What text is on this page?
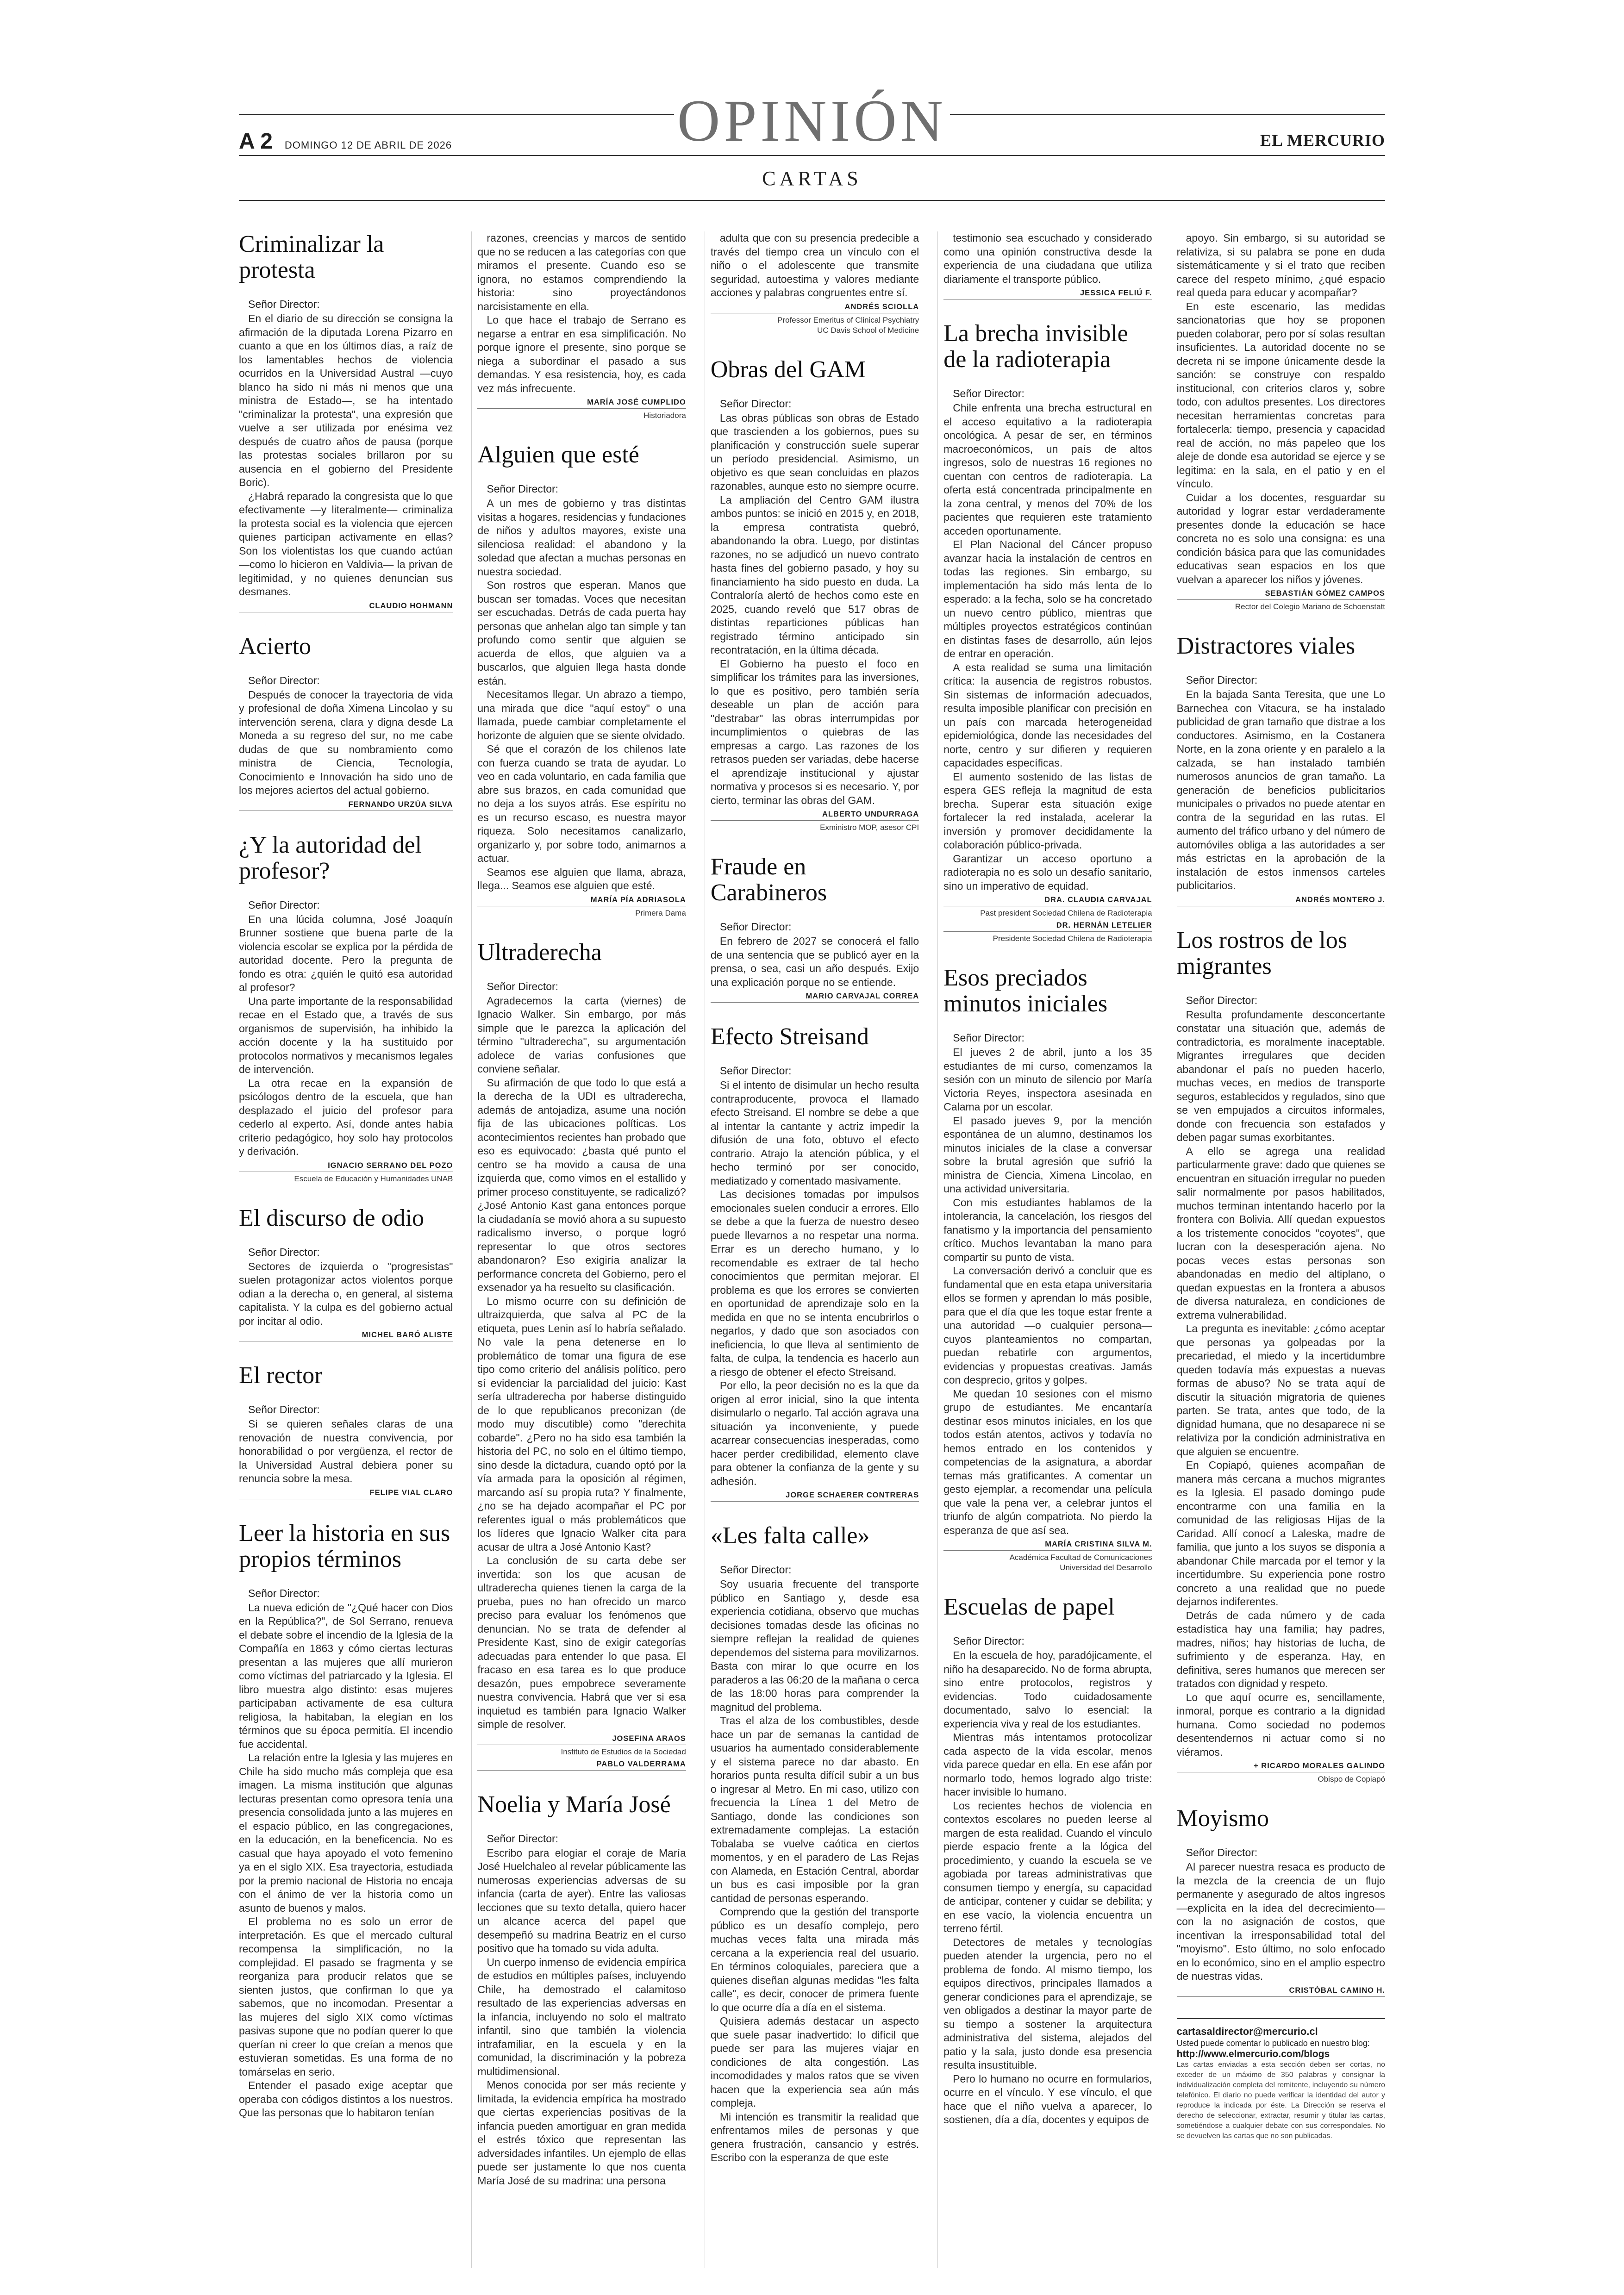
A 2 DOMINGO 12 DE ABRIL DE 2026	OPINIÓN	EL MERCURIO
CARTAS
Criminalizar la protesta
Señor Director:

En el diario de su dirección se consigna la afirmación de la diputada Lorena Pizarro en cuanto a que en los últimos días, a raíz de los lamentables hechos de violencia ocurridos en la Universidad Austral —cuyo blanco ha sido ni más ni menos que una ministra de Estado—, se ha intentado "criminalizar la protesta", una expresión que vuelve a ser utilizada por enésima vez después de cuatro años de pausa (porque las protestas sociales brillaron por su ausencia en el gobierno del Presidente Boric).

¿Habrá reparado la congresista que lo que efectivamente —y literalmente— criminaliza la protesta social es la violencia que ejercen quienes participan activamente en ellas? Son los violentistas los que cuando actúan —como lo hicieron en Valdivia— la privan de legitimidad, y no quienes denuncian sus desmanes.

CLAUDIO HOHMANN
Acierto
Señor Director:

Después de conocer la trayectoria de vida y profesional de doña Ximena Lincolao y su intervención serena, clara y digna desde La Moneda a su regreso del sur, no me cabe dudas de que su nombramiento como ministra de Ciencia, Tecnología, Conocimiento e Innovación ha sido uno de los mejores aciertos del actual gobierno.

FERNANDO URZÚA SILVA
¿Y la autoridad del profesor?
Señor Director:

En una lúcida columna, José Joaquín Brunner sostiene que buena parte de la violencia escolar se explica por la pérdida de autoridad docente. Pero la pregunta de fondo es otra: ¿quién le quitó esa autoridad al profesor?

Una parte importante de la responsabilidad recae en el Estado que, a través de sus organismos de supervisión, ha inhibido la acción docente y la ha sustituido por protocolos normativos y mecanismos legales de intervención.

La otra recae en la expansión de psicólogos dentro de la escuela, que han desplazado el juicio del profesor para cederlo al experto. Así, donde antes había criterio pedagógico, hoy solo hay protocolos y derivación.

IGNACIO SERRANO DEL POZO
Escuela de Educación y Humanidades UNAB
El discurso de odio
Señor Director:

Sectores de izquierda o "progresistas" suelen protagonizar actos violentos porque odian a la derecha o, en general, al sistema capitalista. Y la culpa es del gobierno actual por incitar al odio.

MICHEL BARÓ ALISTE
El rector
Señor Director:

Si se quieren señales claras de una renovación de nuestra convivencia, por honorabilidad o por vergüenza, el rector de la Universidad Austral debiera poner su renuncia sobre la mesa.

FELIPE VIAL CLARO
Leer la historia en sus propios términos
Señor Director:

La nueva edición de "¿Qué hacer con Dios en la República?", de Sol Serrano, renueva el debate sobre el incendio de la Iglesia de la Compañía en 1863 y cómo ciertas lecturas presentan a las mujeres que allí murieron como víctimas del patriarcado y la Iglesia. El libro muestra algo distinto: esas mujeres participaban activamente de esa cultura religiosa, la habitaban, la elegían en los términos que su época permitía. El incendio fue accidental.

La relación entre la Iglesia y las mujeres en Chile ha sido mucho más compleja que esa imagen. La misma institución que algunas lecturas presentan como opresora tenía una presencia consolidada junto a las mujeres en el espacio público, en las congregaciones, en la educación, en la beneficencia. No es casual que haya apoyado el voto femenino ya en el siglo XIX. Esa trayectoria, estudiada por la premio nacional de Historia no encaja con el ánimo de ver la historia como un asunto de buenos y malos.

El problema no es solo un error de interpretación. Es que el mercado cultural recompensa la simplificación, no la complejidad. El pasado se fragmenta y se reorganiza para producir relatos que se sienten justos, que confirman lo que ya sabemos, que no incomodan. Presentar a las mujeres del siglo XIX como víctimas pasivas supone que no podían querer lo que querían ni creer lo que creían a menos que estuvieran sometidas. Es una forma de no tomárselas en serio.

Entender el pasado exige aceptar que operaba con códigos distintos a los nuestros. Que las personas que lo habitaron tenían

razones, creencias y marcos de sentido que no se reducen a las categorías con que miramos el presente. Cuando eso se ignora, no estamos comprendiendo la historia: sino proyectándonos narcisistamente en ella.

Lo que hace el trabajo de Serrano es negarse a entrar en esa simplificación. No porque ignore el presente, sino porque se niega a subordinar el pasado a sus demandas. Y esa resistencia, hoy, es cada vez más infrecuente.

MARÍA JOSÉ CUMPLIDO
Historiadora
Alguien que esté
Señor Director:

A un mes de gobierno y tras distintas visitas a hogares, residencias y fundaciones de niños y adultos mayores, existe una silenciosa realidad: el abandono y la soledad que afectan a muchas personas en nuestra sociedad.

Son rostros que esperan. Manos que buscan ser tomadas. Voces que necesitan ser escuchadas. Detrás de cada puerta hay personas que anhelan algo tan simple y tan profundo como sentir que alguien se acuerda de ellos, que alguien va a buscarlos, que alguien llega hasta donde están.

Necesitamos llegar. Un abrazo a tiempo, una mirada que dice "aquí estoy" o una llamada, puede cambiar completamente el horizonte de alguien que se siente olvidado.

Sé que el corazón de los chilenos late con fuerza cuando se trata de ayudar. Lo veo en cada voluntario, en cada familia que abre sus brazos, en cada comunidad que no deja a los suyos atrás. Ese espíritu no es un recurso escaso, es nuestra mayor riqueza. Solo necesitamos canalizarlo, organizarlo y, por sobre todo, animarnos a actuar.

Seamos ese alguien que llama, abraza, llega... Seamos ese alguien que esté.

MARÍA PÍA ADRIASOLA
Primera Dama
Ultraderecha
Señor Director:

Agradecemos la carta (viernes) de Ignacio Walker. Sin embargo, por más simple que le parezca la aplicación del término "ultraderecha", su argumentación adolece de varias confusiones que conviene señalar.

Su afirmación de que todo lo que está a la derecha de la UDI es ultraderecha, además de antojadiza, asume una noción fija de las ubicaciones políticas. Los acontecimientos recientes han probado que eso es equivocado: ¿basta qué punto el centro se ha movido a causa de una izquierda que, como vimos en el estallido y primer proceso constituyente, se radicalizó? ¿José Antonio Kast gana entonces porque la ciudadanía se movió ahora a su supuesto radicalismo inverso, o porque logró representar lo que otros sectores abandonaron? Eso exigiría analizar la performance concreta del Gobierno, pero el exsenador ya ha resuelto su clasificación.

Lo mismo ocurre con su definición de ultraizquierda, que salva al PC de la etiqueta, pues Lenin así lo habría señalado. No vale la pena detenerse en lo problemático de tomar una figura de ese tipo como criterio del análisis político, pero sí evidenciar la parcialidad del juicio: Kast sería ultraderecha por haberse distinguido de lo que republicanos preconizan (de modo muy discutible) como "derechita cobarde". ¿Pero no ha sido esa también la historia del PC, no solo en el último tiempo, sino desde la dictadura, cuando optó por la vía armada para la oposición al régimen, marcando así su propia ruta? Y finalmente, ¿no se ha dejado acompañar el PC por referentes igual o más problemáticos que los líderes que Ignacio Walker cita para acusar de ultra a José Antonio Kast?

La conclusión de su carta debe ser invertida: son los que acusan de ultraderecha quienes tienen la carga de la prueba, pues no han ofrecido un marco preciso para evaluar los fenómenos que denuncian. No se trata de defender al Presidente Kast, sino de exigir categorías adecuadas para entender lo que pasa. El fracaso en esa tarea es lo que produce desazón, pues empobrece severamente nuestra convivencia. Habrá que ver si esa inquietud es también para Ignacio Walker simple de resolver.

JOSEFINA ARAOS
Instituto de Estudios de la Sociedad
PABLO VALDERRAMA
Noelia y María José
Señor Director:

Escribo para elogiar el coraje de María José Huelchaleo al revelar públicamente las numerosas experiencias adversas de su infancia (carta de ayer). Entre las valiosas lecciones que su texto detalla, quiero hacer un alcance acerca del papel que desempeñó su madrina Beatriz en el curso positivo que ha tomado su vida adulta.

Un cuerpo inmenso de evidencia empírica de estudios en múltiples países, incluyendo Chile, ha demostrado el calamitoso resultado de las experiencias adversas en la infancia, incluyendo no solo el maltrato infantil, sino que también la violencia intrafamiliar, en la escuela y en la comunidad, la discriminación y la pobreza multidimensional.

Menos conocida por ser más reciente y limitada, la evidencia empírica ha mostrado que ciertas experiencias positivas de la infancia pueden amortiguar en gran medida el estrés tóxico que representan las adversidades infantiles. Un ejemplo de ellas puede ser justamente lo que nos cuenta María José de su madrina: una persona

adulta que con su presencia predecible a través del tiempo crea un vínculo con el niño o el adolescente que transmite seguridad, autoestima y valores mediante acciones y palabras congruentes entre sí.

ANDRÉS SCIOLLA
Professor Emeritus of Clinical Psychiatry
UC Davis School of Medicine
Obras del GAM
Señor Director:

Las obras públicas son obras de Estado que trascienden a los gobiernos, pues su planificación y construcción suele superar un período presidencial. Asimismo, un objetivo es que sean concluidas en plazos razonables, aunque esto no siempre ocurre.

La ampliación del Centro GAM ilustra ambos puntos: se inició en 2015 y, en 2018, la empresa contratista quebró, abandonando la obra. Luego, por distintas razones, no se adjudicó un nuevo contrato hasta fines del gobierno pasado, y hoy su financiamiento ha sido puesto en duda. La Contraloría alertó de hechos como este en 2025, cuando reveló que 517 obras de distintas reparticiones públicas han registrado término anticipado sin recontratación, en la última década.

El Gobierno ha puesto el foco en simplificar los trámites para las inversiones, lo que es positivo, pero también sería deseable un plan de acción para "destrabar" las obras interrumpidas por incumplimientos o quiebras de las empresas a cargo. Las razones de los retrasos pueden ser variadas, debe hacerse el aprendizaje institucional y ajustar normativa y procesos si es necesario. Y, por cierto, terminar las obras del GAM.

ALBERTO UNDURRAGA
Exministro MOP, asesor CPI
Fraude en Carabineros
Señor Director:

En febrero de 2027 se conocerá el fallo de una sentencia que se publicó ayer en la prensa, o sea, casi un año después. Exijo una explicación porque no se entiende.

MARIO CARVAJAL CORREA
Efecto Streisand
Señor Director:

Si el intento de disimular un hecho resulta contraproducente, provoca el llamado efecto Streisand. El nombre se debe a que al intentar la cantante y actriz impedir la difusión de una foto, obtuvo el efecto contrario. Atrajo la atención pública, y el hecho terminó por ser conocido, mediatizado y comentado masivamente.

Las decisiones tomadas por impulsos emocionales suelen conducir a errores. Ello se debe a que la fuerza de nuestro deseo puede llevarnos a no respetar una norma. Errar es un derecho humano, y lo recomendable es extraer de tal hecho conocimientos que permitan mejorar. El problema es que los errores se convierten en oportunidad de aprendizaje solo en la medida en que no se intenta encubrirlos o negarlos, y dado que son asociados con ineficiencia, lo que lleva al sentimiento de falta, de culpa, la tendencia es hacerlo aun a riesgo de obtener el efecto Streisand.

Por ello, la peor decisión no es la que da origen al error inicial, sino la que intenta disimularlo o negarlo. Tal acción agrava una situación ya inconveniente, y puede acarrear consecuencias inesperadas, como hacer perder credibilidad, elemento clave para obtener la confianza de la gente y su adhesión.

JORGE SCHAERER CONTRERAS
«Les falta calle»
Señor Director:

Soy usuaria frecuente del transporte público en Santiago y, desde esa experiencia cotidiana, observo que muchas decisiones tomadas desde las oficinas no siempre reflejan la realidad de quienes dependemos del sistema para movilizarnos. Basta con mirar lo que ocurre en los paraderos a las 06:20 de la mañana o cerca de las 18:00 horas para comprender la magnitud del problema.

Tras el alza de los combustibles, desde hace un par de semanas la cantidad de usuarios ha aumentado considerablemente y el sistema parece no dar abasto. En horarios punta resulta difícil subir a un bus o ingresar al Metro. En mi caso, utilizo con frecuencia la Línea 1 del Metro de Santiago, donde las condiciones son extremadamente complejas. La estación Tobalaba se vuelve caótica en ciertos momentos, y en el paradero de Las Rejas con Alameda, en Estación Central, abordar un bus es casi imposible por la gran cantidad de personas esperando.

Comprendo que la gestión del transporte público es un desafío complejo, pero muchas veces falta una mirada más cercana a la experiencia real del usuario. En términos coloquiales, pareciera que a quienes diseñan algunas medidas "les falta calle", es decir, conocer de primera fuente lo que ocurre día a día en el sistema.

Quisiera además destacar un aspecto que suele pasar inadvertido: lo difícil que puede ser para las mujeres viajar en condiciones de alta congestión. Las incomodidades y malos ratos que se viven hacen que la experiencia sea aún más compleja.

Mi intención es transmitir la realidad que enfrentamos miles de personas y que genera frustración, cansancio y estrés. Escribo con la esperanza de que este

testimonio sea escuchado y considerado como una opinión constructiva desde la experiencia de una ciudadana que utiliza diariamente el transporte público.

JESSICA FELIÚ F.
La brecha invisible de la radioterapia
Señor Director:

Chile enfrenta una brecha estructural en el acceso equitativo a la radioterapia oncológica. A pesar de ser, en términos macroeconómicos, un país de altos ingresos, solo de nuestras 16 regiones no cuentan con centros de radioterapia. La oferta está concentrada principalmente en la zona central, y menos del 70% de los pacientes que requieren este tratamiento acceden oportunamente.

El Plan Nacional del Cáncer propuso avanzar hacia la instalación de centros en todas las regiones. Sin embargo, su implementación ha sido más lenta de lo esperado: a la fecha, solo se ha concretado un nuevo centro público, mientras que múltiples proyectos estratégicos continúan en distintas fases de desarrollo, aún lejos de entrar en operación.

A esta realidad se suma una limitación crítica: la ausencia de registros robustos. Sin sistemas de información adecuados, resulta imposible planificar con precisión en un país con marcada heterogeneidad epidemiológica, donde las necesidades del norte, centro y sur difieren y requieren capacidades específicas.

El aumento sostenido de las listas de espera GES refleja la magnitud de esta brecha. Superar esta situación exige fortalecer la red instalada, acelerar la inversión y promover decididamente la colaboración público-privada.

Garantizar un acceso oportuno a radioterapia no es solo un desafío sanitario, sino un imperativo de equidad.

DRA. CLAUDIA CARVAJAL
Past president Sociedad Chilena de Radioterapia
DR. HERNÁN LETELIER
Presidente Sociedad Chilena de Radioterapia
Esos preciados minutos iniciales
Señor Director:

El jueves 2 de abril, junto a los 35 estudiantes de mi curso, comenzamos la sesión con un minuto de silencio por María Victoria Reyes, inspectora asesinada en Calama por un escolar.

El pasado jueves 9, por la mención espontánea de un alumno, destinamos los minutos iniciales de la clase a conversar sobre la brutal agresión que sufrió la ministra de Ciencia, Ximena Lincolao, en una actividad universitaria.

Con mis estudiantes hablamos de la intolerancia, la cancelación, los riesgos del fanatismo y la importancia del pensamiento crítico. Muchos levantaban la mano para compartir su punto de vista.

La conversación derivó a concluir que es fundamental que en esta etapa universitaria ellos se formen y aprendan lo más posible, para que el día que les toque estar frente a una autoridad —o cualquier persona— cuyos planteamientos no compartan, puedan rebatirle con argumentos, evidencias y propuestas creativas. Jamás con desprecio, gritos y golpes.

Me quedan 10 sesiones con el mismo grupo de estudiantes. Me encantaría destinar esos minutos iniciales, en los que todos están atentos, activos y todavía no hemos entrado en los contenidos y competencias de la asignatura, a abordar temas más gratificantes. A comentar un gesto ejemplar, a recomendar una película que vale la pena ver, a celebrar juntos el triunfo de algún compatriota. No pierdo la esperanza de que así sea.

MARÍA CRISTINA SILVA M.
Académica Facultad de Comunicaciones
Universidad del Desarrollo
Escuelas de papel
Señor Director:

En la escuela de hoy, paradójicamente, el niño ha desaparecido. No de forma abrupta, sino entre protocolos, registros y evidencias. Todo cuidadosamente documentado, salvo lo esencial: la experiencia viva y real de los estudiantes.

Mientras más intentamos protocolizar cada aspecto de la vida escolar, menos vida parece quedar en ella. En ese afán por normarlo todo, hemos logrado algo triste: hacer invisible lo humano.

Los recientes hechos de violencia en contextos escolares no pueden leerse al margen de esta realidad. Cuando el vínculo pierde espacio frente a la lógica del procedimiento, y cuando la escuela se ve agobiada por tareas administrativas que consumen tiempo y energía, su capacidad de anticipar, contener y cuidar se debilita; y en ese vacío, la violencia encuentra un terreno fértil.

Detectores de metales y tecnologías pueden atender la urgencia, pero no el problema de fondo. Al mismo tiempo, los equipos directivos, principales llamados a generar condiciones para el aprendizaje, se ven obligados a destinar la mayor parte de su tiempo a sostener la arquitectura administrativa del sistema, alejados del patio y la sala, justo donde esa presencia resulta insustituible.

Pero lo humano no ocurre en formularios, ocurre en el vínculo. Y ese vínculo, el que hace que el niño vuelva a aparecer, lo sostienen, día a día, docentes y equipos de

apoyo. Sin embargo, si su autoridad se relativiza, si su palabra se pone en duda sistemáticamente y si el trato que reciben carece del respeto mínimo, ¿qué espacio real queda para educar y acompañar?

En este escenario, las medidas sancionatorias que hoy se proponen pueden colaborar, pero por sí solas resultan insuficientes. La autoridad docente no se decreta ni se impone únicamente desde la sanción: se construye con respaldo institucional, con criterios claros y, sobre todo, con adultos presentes. Los directores necesitan herramientas concretas para fortalecerla: tiempo, presencia y capacidad real de acción, no más papeleo que los aleje de donde esa autoridad se ejerce y se legitima: en la sala, en el patio y en el vínculo.

Cuidar a los docentes, resguardar su autoridad y lograr estar verdaderamente presentes donde la educación se hace concreta no es solo una consigna: es una condición básica para que las comunidades educativas sean espacios en los que vuelvan a aparecer los niños y jóvenes.

SEBASTIÁN GÓMEZ CAMPOS
Rector del Colegio Mariano de Schoenstatt
Distractores viales
Señor Director:

En la bajada Santa Teresita, que une Lo Barnechea con Vitacura, se ha instalado publicidad de gran tamaño que distrae a los conductores. Asimismo, en la Costanera Norte, en la zona oriente y en paralelo a la calzada, se han instalado también numerosos anuncios de gran tamaño. La generación de beneficios publicitarios municipales o privados no puede atentar en contra de la seguridad en las rutas. El aumento del tráfico urbano y del número de automóviles obliga a las autoridades a ser más estrictas en la aprobación de la instalación de estos inmensos carteles publicitarios.

ANDRÉS MONTERO J.
Los rostros de los migrantes
Señor Director:

Resulta profundamente desconcertante constatar una situación que, además de contradictoria, es moralmente inaceptable. Migrantes irregulares que deciden abandonar el país no pueden hacerlo, muchas veces, en medios de transporte seguros, establecidos y regulados, sino que se ven empujados a circuitos informales, donde con frecuencia son estafados y deben pagar sumas exorbitantes.

A ello se agrega una realidad particularmente grave: dado que quienes se encuentran en situación irregular no pueden salir normalmente por pasos habilitados, muchos terminan intentando hacerlo por la frontera con Bolivia. Allí quedan expuestos a los tristemente conocidos "coyotes", que lucran con la desesperación ajena. No pocas veces estas personas son abandonadas en medio del altiplano, o quedan expuestas en la frontera a abusos de diversa naturaleza, en condiciones de extrema vulnerabilidad.

La pregunta es inevitable: ¿cómo aceptar que personas ya golpeadas por la precariedad, el miedo y la incertidumbre queden todavía más expuestas a nuevas formas de abuso? No se trata aquí de discutir la situación migratoria de quienes parten. Se trata, antes que todo, de la dignidad humana, que no desaparece ni se relativiza por la condición administrativa en que alguien se encuentre.

En Copiapó, quienes acompañan de manera más cercana a muchos migrantes es la Iglesia. El pasado domingo pude encontrarme con una familia en la comunidad de las religiosas Hijas de la Caridad. Allí conocí a Laleska, madre de familia, que junto a los suyos se disponía a abandonar Chile marcada por el temor y la incertidumbre. Su experiencia pone rostro concreto a una realidad que no puede dejarnos indiferentes.

Detrás de cada número y de cada estadística hay una familia; hay padres, madres, niños; hay historias de lucha, de sufrimiento y de esperanza. Hay, en definitiva, seres humanos que merecen ser tratados con dignidad y respeto.

Lo que aquí ocurre es, sencillamente, inmoral, porque es contrario a la dignidad humana. Como sociedad no podemos desentendernos ni actuar como si no viéramos.

+ RICARDO MORALES GALINDO
Obispo de Copiapó
Moyismo
Señor Director:

Al parecer nuestra resaca es producto de la mezcla de la creencia de un flujo permanente y asegurado de altos ingresos —explícita en la idea del decrecimiento— con la no asignación de costos, que incentivan la irresponsabilidad total del "moyismo". Esto último, no solo enfocado en lo económico, sino en el amplio espectro de nuestras vidas.

CRISTÓBAL CAMINO H.
cartasaldirector@mercurio.cl
Usted puede comentar lo publicado en nuestro blog:
http://www.elmercurio.com/blogs
Las cartas enviadas a esta sección deben ser cortas, no exceder de un máximo de 350 palabras y consignar la individualización completa del remitente, incluyendo su número telefónico. El diario no puede verificar la identidad del autor y reproduce la indicada por éste. La Dirección se reserva el derecho de seleccionar, extractar, resumir y titular las cartas, sometiéndose a cualquier debate con sus correspondales. No se devuelven las cartas que no son publicadas.
